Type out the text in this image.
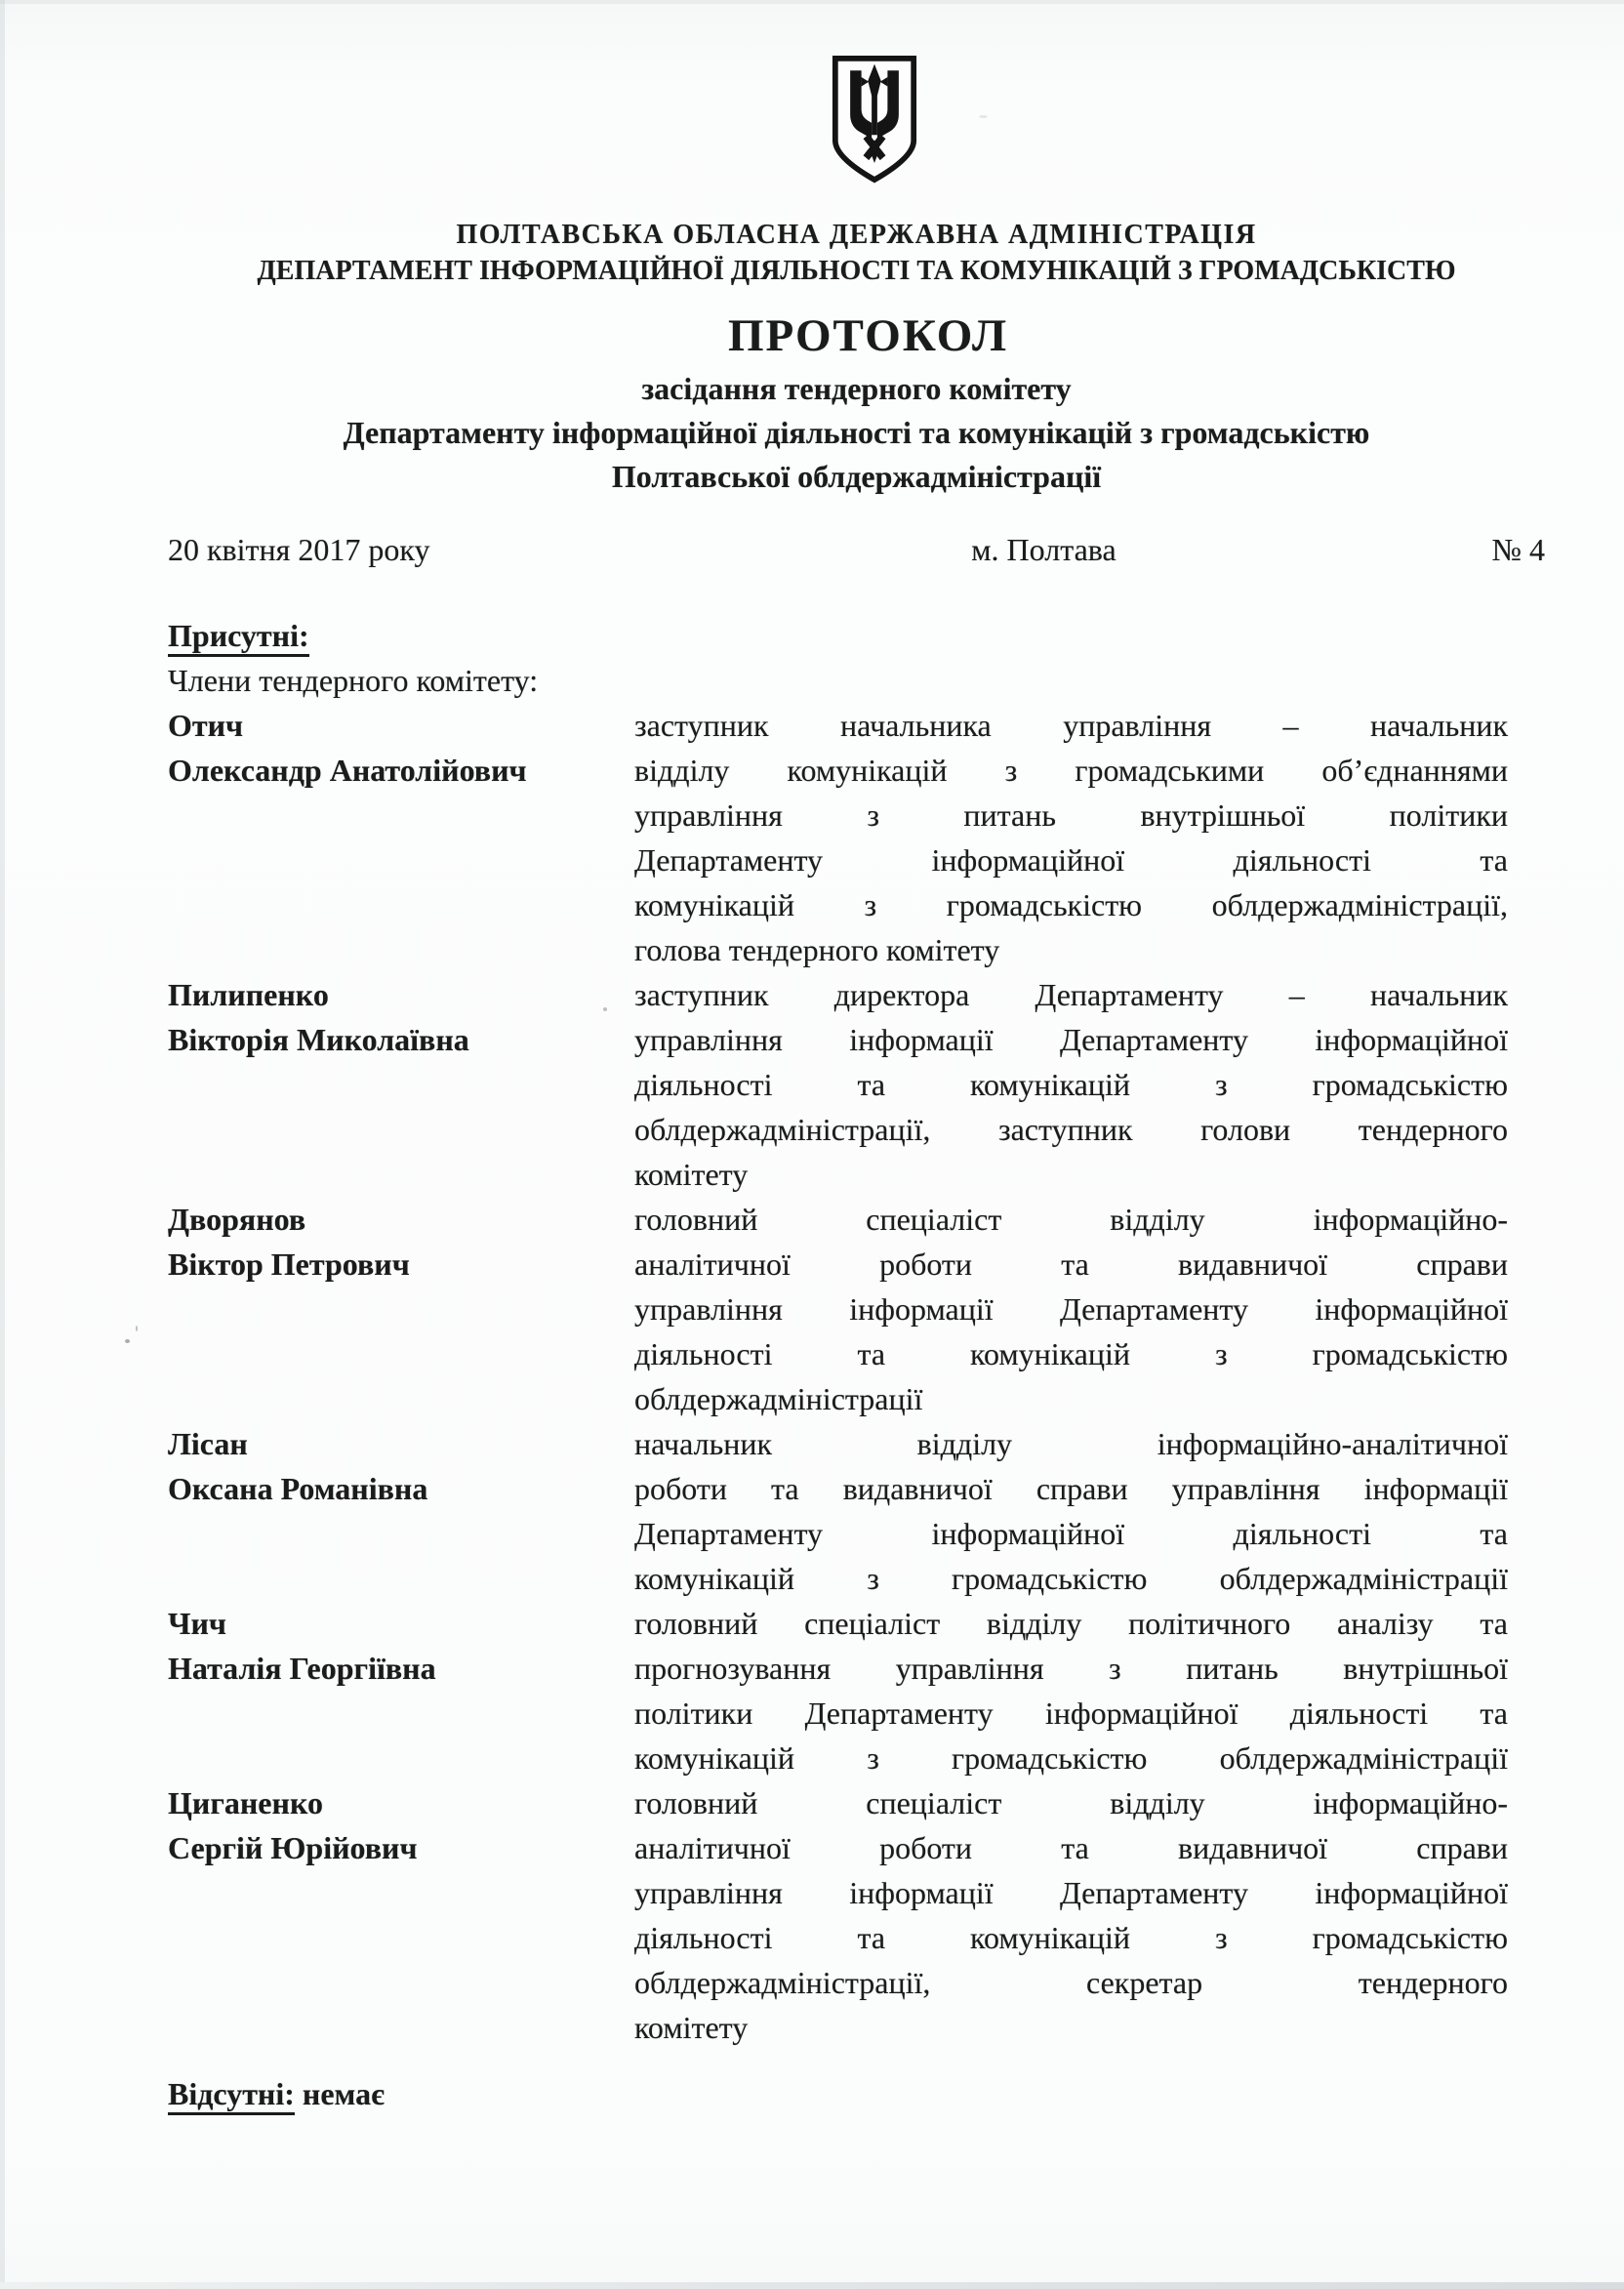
ПОЛТАВСЬКА ОБЛАСНА ДЕРЖАВНА АДМІНІСТРАЦІЯ
ДЕПАРТАМЕНТ ІНФОРМАЦІЙНОЇ ДІЯЛЬНОСТІ ТА КОМУНІКАЦІЙ З ГРОМАДСЬКІСТЮ
ПРОТОКОЛ
засідання тендерного комітету
Департаменту інформаційної діяльності та комунікацій з громадськістю
Полтавської облдержадміністрації
20 квітня 2017 року	м. Полтава	№ 4
Присутні:
Члени тендерного комітету:
Отич
Олександр Анатолійович
заступник начальника управління – начальник
відділу комунікацій з громадськими об’єднаннями
управління з питань внутрішньої політики
Департаменту інформаційної діяльності та
комунікацій з громадськістю облдержадміністрації,
голова тендерного комітету
Пилипенко
Вікторія Миколаївна
заступник директора Департаменту – начальник
управління інформації Департаменту інформаційної
діяльності та комунікацій з громадськістю
облдержадміністрації, заступник голови тендерного
комітету
Дворянов
Віктор Петрович
головний спеціаліст відділу інформаційно-
аналітичної роботи та видавничої справи
управління інформації Департаменту інформаційної
діяльності та комунікацій з громадськістю
облдержадміністрації
Лісан
Оксана Романівна
начальник відділу інформаційно-аналітичної
роботи та видавничої справи управління інформації
Департаменту інформаційної діяльності та
комунікацій з громадськістю облдержадміністрації
Чич
Наталія Георгіївна
головний спеціаліст відділу політичного аналізу та
прогнозування управління з питань внутрішньої
політики Департаменту інформаційної діяльності та
комунікацій з громадськістю облдержадміністрації
Циганенко
Сергій Юрійович
головний спеціаліст відділу інформаційно-
аналітичної роботи та видавничої справи
управління інформації Департаменту інформаційної
діяльності та комунікацій з громадськістю
облдержадміністрації, секретар тендерного
комітету
Відсутні: немає
